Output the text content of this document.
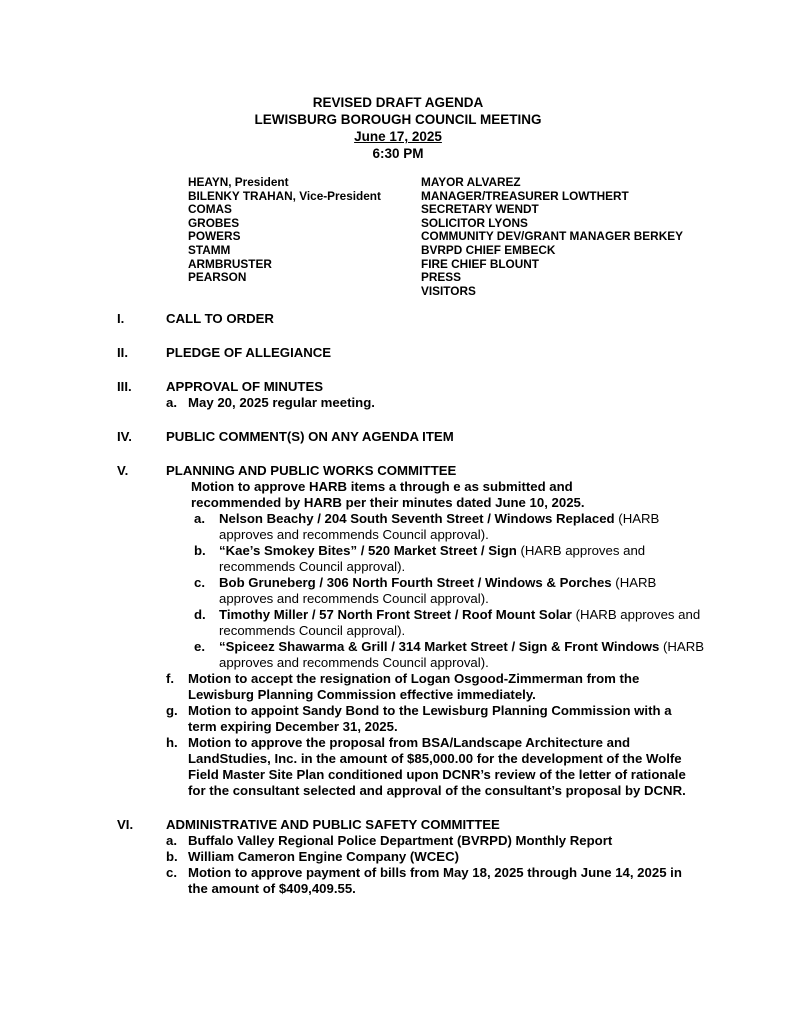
REVISED DRAFT AGENDA
LEWISBURG BOROUGH COUNCIL MEETING
June 17, 2025
6:30 PM
HEAYN, President
BILENKY TRAHAN, Vice-President
COMAS
GROBES
POWERS
STAMM
ARMBRUSTER
PEARSON
MAYOR ALVAREZ
MANAGER/TREASURER LOWTHERT
SECRETARY WENDT
SOLICITOR LYONS
COMMUNITY DEV/GRANT MANAGER BERKEY
BVRPD CHIEF EMBECK
FIRE CHIEF BLOUNT
PRESS
VISITORS
I.	CALL TO ORDER
II.	PLEDGE OF ALLEGIANCE
III.	APPROVAL OF MINUTES
a. May 20, 2025 regular meeting.
IV.	PUBLIC COMMENT(S) ON ANY AGENDA ITEM
V.	PLANNING AND PUBLIC WORKS COMMITTEE
Motion to approve HARB items a through e as submitted and recommended by HARB per their minutes dated June 10, 2025.
a.	Nelson Beachy / 204 South Seventh Street / Windows Replaced (HARB approves and recommends Council approval).
b.	“Kae’s Smokey Bites” / 520 Market Street / Sign (HARB approves and recommends Council approval).
c.	Bob Gruneberg / 306 North Fourth Street / Windows & Porches (HARB approves and recommends Council approval).
d.	Timothy Miller / 57 North Front Street / Roof Mount Solar (HARB approves and recommends Council approval).
e.	“Spiceez Shawarma & Grill / 314 Market Street / Sign & Front Windows (HARB approves and recommends Council approval).
f.	Motion to accept the resignation of Logan Osgood-Zimmerman from the Lewisburg Planning Commission effective immediately.
g. Motion to appoint Sandy Bond to the Lewisburg Planning Commission with a term expiring December 31, 2025.
h. Motion to approve the proposal from BSA/Landscape Architecture and LandStudies, Inc. in the amount of $85,000.00 for the development of the Wolfe Field Master Site Plan conditioned upon DCNR’s review of the letter of rationale for the consultant selected and approval of the consultant’s proposal by DCNR.
VI.	ADMINISTRATIVE AND PUBLIC SAFETY COMMITTEE
a. Buffalo Valley Regional Police Department (BVRPD) Monthly Report
b. William Cameron Engine Company (WCEC)
c. Motion to approve payment of bills from May 18, 2025 through June 14, 2025 in the amount of $409,409.55.
